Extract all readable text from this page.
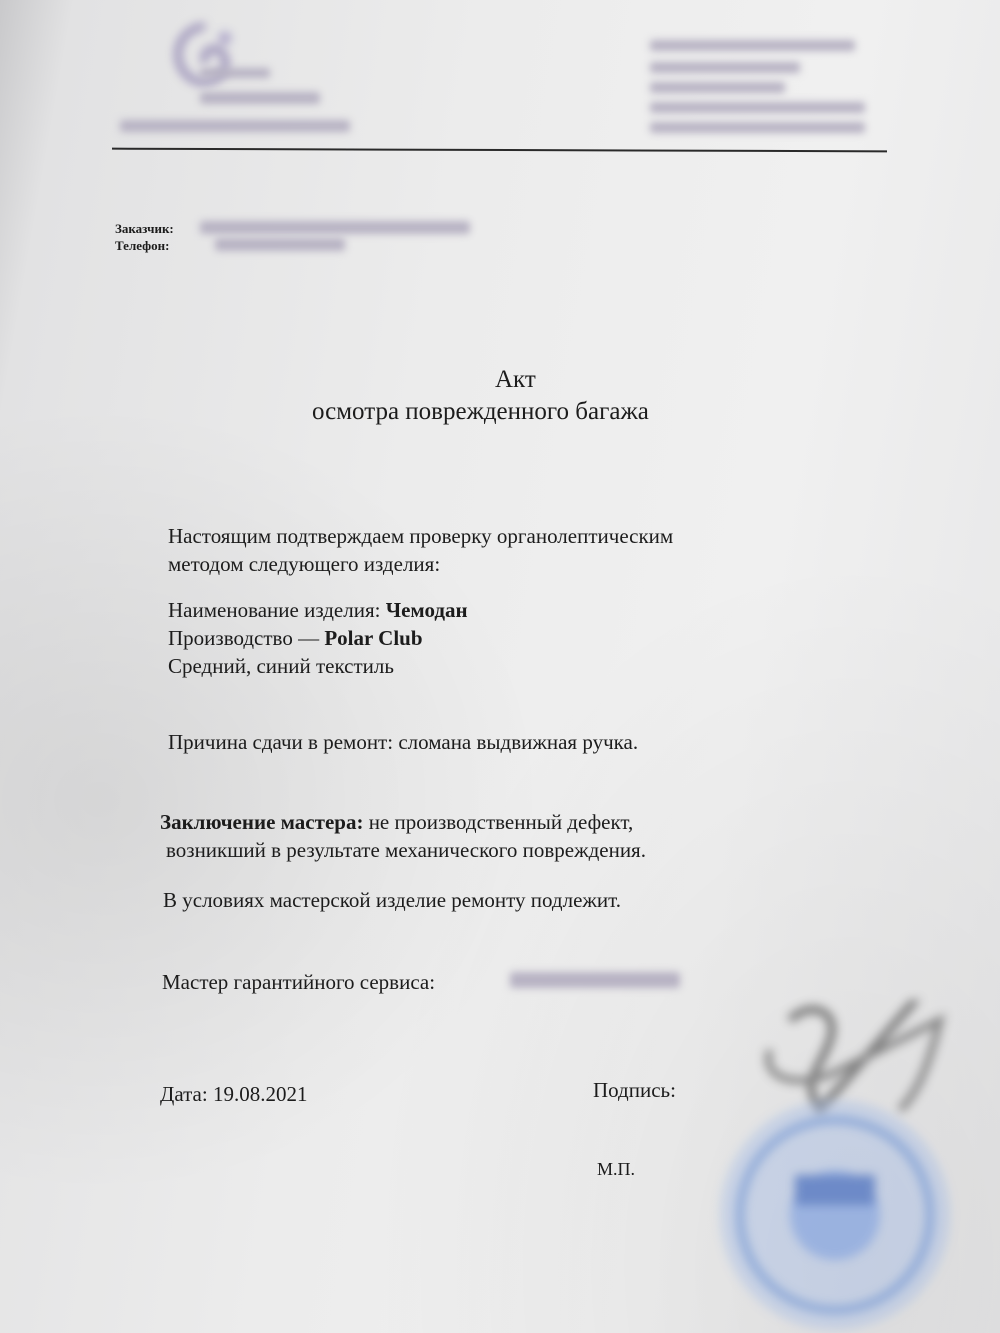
Заказчик:
Телефон:
Акт
осмотра поврежденного багажа
Настоящим подтверждаем проверку органолептическим
методом следующего изделия:
Наименование изделия: Чемодан
Производство — Polar Club
Средний, синий текстиль
Причина сдачи в ремонт: сломана выдвижная ручка.
Заключение мастера: не производственный дефект,
возникший в результате механического повреждения.
В условиях мастерской изделие ремонту подлежит.
Мастер гарантийного сервиса:
Дата: 19.08.2021	Подпись:
М.П.
